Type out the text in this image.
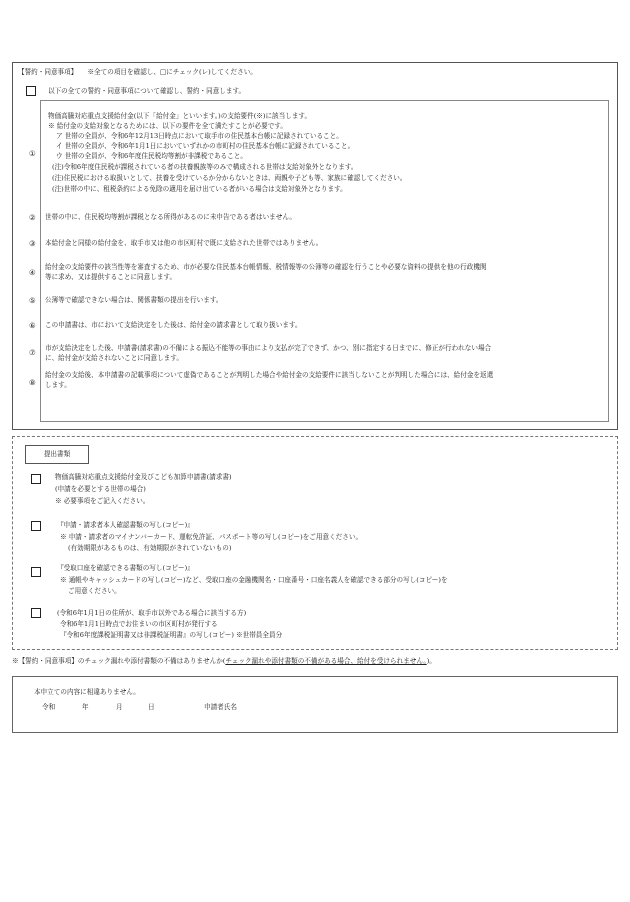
【誓約・同意事項】 ※全ての項目を確認し、□にチェック(レ)してください。
以下の全ての誓約・同意事項について確認し、誓約・同意します。
①
物価高騰対応重点支援給付金(以下「給付金」といいます。)の支給要件(※)に該当します。
※ 給付金の支給対象となるためには、以下の要件を全て満たすことが必要です。
ア 世帯の全員が、令和6年12月13日時点において取手市の住民基本台帳に記録されていること。
イ 世帯の全員が、令和6年1月1日においていずれかの市町村の住民基本台帳に記録されていること。
ウ 世帯の全員が、令和6年度住民税均等割が非課税であること。
(注)令和6年度住民税が課税されている者の扶養親族等のみで構成される世帯は支給対象外となります。
(注)住民税における取扱いとして、扶養を受けているか分からないときは、両親や子ども等、家族に確認してください。
(注)世帯の中に、租税条約による免除の適用を届け出ている者がいる場合は支給対象外となります。
② 世帯の中に、住民税均等割が課税となる所得があるのに未申告である者はいません。
③ 本給付金と同様の給付金を、取手市又は他の市区町村で既に支給された世帯ではありません。
④
給付金の支給要件の該当性等を審査するため、市が必要な住民基本台帳情報、税情報等の公簿等の確認を行うことや必要な資料の提供を他の行政機関
等に求め、又は提供することに同意します。
⑤ 公簿等で確認できない場合は、関係書類の提出を行います。
⑥ この申請書は、市において支給決定をした後は、給付金の請求書として取り扱います。
⑦ 市が支給決定をした後、申請書(請求書)の不備による振込不能等の事由により支払が完了できず、かつ、別に指定する日までに、修正が行われない場合
に、給付金が支給されないことに同意します。
⑧
給付金の支給後、本申請書の記載事項について虚偽であることが判明した場合や給付金の支給要件に該当しないことが判明した場合には、給付金を返還
します。
提出書類
物価高騰対応重点支援給付金及びこども加算申請書(請求書)
(申請を必要とする世帯の場合)
※ 必要事項をご記入ください。
『申請・請求者本人確認書類の写し(コピー)』
※ 申請・請求者のマイナンバーカード、運転免許証、パスポート等の写し(コピー)をご用意ください。
(有効期限があるものは、有効期限がきれていないもの)
『受取口座を確認できる書類の写し(コピー)』
※ 通帳やキャッシュカードの写し(コピー)など、受取口座の金融機関名・口座番号・口座名義人を確認できる部分の写し(コピー)を
ご用意ください。
(令和6年1月1日の住所が、取手市以外である場合に該当する方)
令和6年1月1日時点でお住まいの市区町村が発行する
『令和6年度課税証明書又は非課税証明書』の写し(コピー) ※世帯員全員分
※【誓約・同意事項】のチェック漏れや添付書類の不備はありませんか(チェック漏れや添付書類の不備がある場合、給付を受けられません。)。
本申立ての内容に相違ありません。
令和	年	月	日	申請者氏名
